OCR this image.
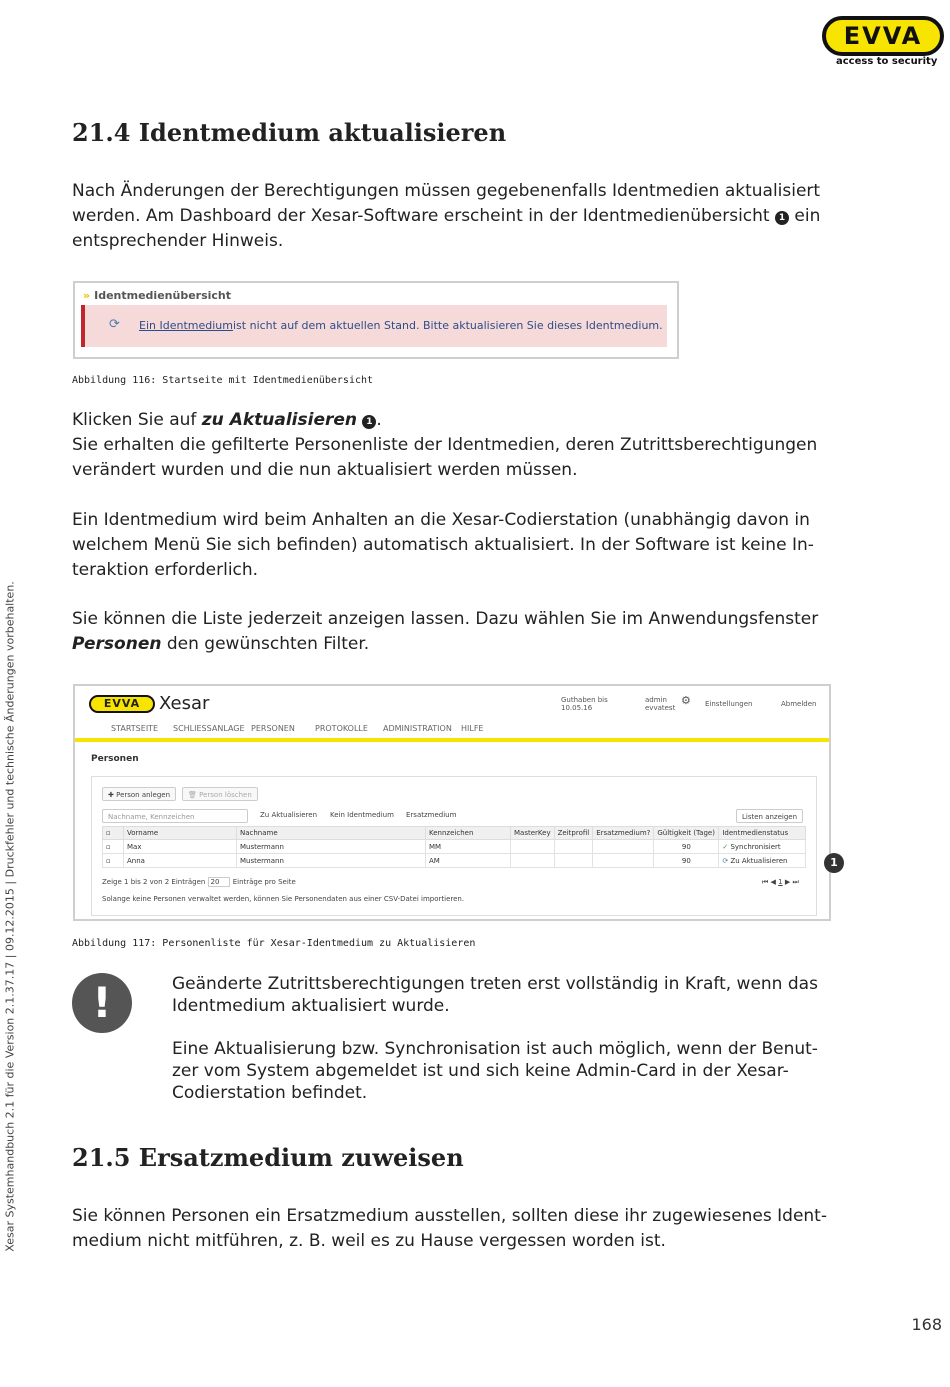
EVVA
access to security
Xesar Systemhandbuch 2.1 für die Version 2.1.37.17 | 09.12.2015 | Druckfehler und technische Änderungen vorbehalten.
21.4 Identmedium aktualisieren
Nach Änderungen der Berechtigungen müssen gegebenenfalls Identmedien aktualisiert
werden. Am Dashboard der Xesar-Software erscheint in der Identmedienübersicht 1 ein
entsprechender Hinweis.
» Identmedienübersicht
⟳ Ein Identmedium ist nicht auf dem aktuellen Stand. Bitte aktualisieren Sie dieses Identmedium.
Abbildung 116: Startseite mit Identmedienübersicht
Klicken Sie auf zu Aktualisieren 1 .
Sie erhalten die gefilterte Personenliste der Identmedien, deren Zutrittsberechtigungen
verändert wurden und die nun aktualisiert werden müssen.
Ein Identmedium wird beim Anhalten an die Xesar-Codierstation (unabhängig davon in
welchem Menü Sie sich befinden) automatisch aktualisiert. In der Software ist keine In-
teraktion erforderlich.
Sie können die Liste jederzeit anzeigen lassen. Dazu wählen Sie im Anwendungsfenster
Personen den gewünschten Filter.
EVVA	Xesar	Guthaben bis
10.05.16
admin
evvatest
⚙ Einstellungen	Abmelden
STARTSEITE SCHLIESSANLAGE PERSONEN	PROTOKOLLE ADMINISTRATION HILFE
Personen
✚ Person anlegen	🗑 Person löschen
Nachname, Kennzeichen	Zu Aktualisieren Kein Identmedium Ersatzmedium	Listen anzeigen
▫	Vorname	Nachname	Kennzeichen	MasterKey	Zeitprofil	Ersatzmedium?	Gültigkeit (Tage)	Identmedienstatus
▫	Max	Mustermann	MM				90	✓ Synchronisiert
▫	Anna	Mustermann	AM				90	⟳ Zu Aktualisieren
Zeige 1 bis 2 von 2 Einträgen 20 Einträge pro Seite	⏮ ◀ 1 ▶ ⏭
Solange keine Personen verwaltet werden, können Sie Personendaten aus einer CSV-Datei importieren.
1
Abbildung 117: Personenliste für Xesar-Identmedium zu Aktualisieren
!	Geänderte Zutrittsberechtigungen treten erst vollständig in Kraft, wenn das
Identmedium aktualisiert wurde.
Eine Aktualisierung bzw. Synchronisation ist auch möglich, wenn der Benut-
zer vom System abgemeldet ist und sich keine Admin-Card in der Xesar-
Codierstation befindet.
21.5 Ersatzmedium zuweisen
Sie können Personen ein Ersatzmedium ausstellen, sollten diese ihr zugewiesenes Ident-
medium nicht mitführen, z. B. weil es zu Hause vergessen worden ist.
168
